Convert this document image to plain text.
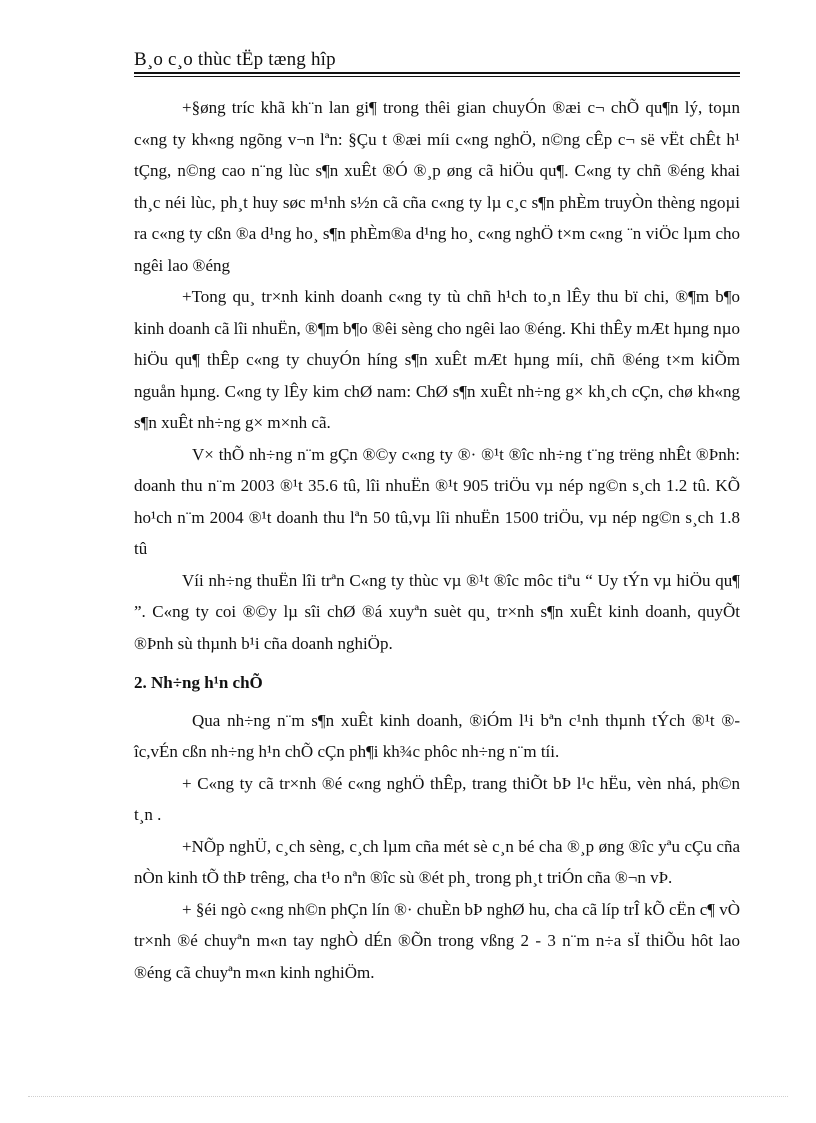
B¸o c¸o thùc tËp tæng hîp

+§øng tríc khã kh¨n lan gi¶ trong thêi gian chuyÓn ®æi c¬ chÕ qu¶n lý, toµn c«ng ty kh«ng ngõng v¬n lªn: §Çu t ®æi míi c«ng nghÖ, n©ng cÊp c¬ së vËt chÊt h¹ tÇng, n©ng cao n¨ng lùc s¶n xuÊt ®Ó ®¸p øng cã hiÖu qu¶. C«ng ty chñ ®éng khai th¸c néi lùc, ph¸t huy søc m¹nh s½n cã cña c«ng ty lµ c¸c s¶n phÈm truyÒn thèng ngoµi ra c«ng ty cßn ®a d¹ng ho¸ s¶n phÈm®a d¹ng ho¸ c«ng nghÖ t×m c«ng ¨n viÖc lµm cho ngêi lao ®éng

+Tong qu¸ tr×nh kinh doanh c«ng ty tù chñ h¹ch to¸n lÊy thu bï chi, ®¶m b¶o kinh doanh cã lîi nhuËn, ®¶m b¶o ®êi sèng cho ngêi lao ®éng. Khi thÊy mÆt hµng nµo hiÖu qu¶ thÊp c«ng ty chuyÓn híng s¶n xuÊt mÆt hµng míi, chñ ®éng t×m kiÕm nguån hµng. C«ng ty lÊy kim chØ nam: ChØ s¶n xuÊt nh÷ng g× kh¸ch cÇn, chø kh«ng s¶n xuÊt nh÷ng g× m×nh cã.

V× thÕ nh÷ng n¨m gÇn ®©y c«ng ty ®· ®¹t ®îc nh÷ng t¨ng trëng nhÊt ®Þnh: doanh thu n¨m 2003 ®¹t 35.6 tû, lîi nhuËn ®¹t 905 triÖu vµ nép ng©n s¸ch 1.2 tû. KÕ ho¹ch n¨m 2004 ®¹t doanh thu lªn 50 tû,vµ lîi nhuËn 1500 triÖu, vµ nép ng©n s¸ch 1.8 tû

Víi nh÷ng thuËn lîi trªn C«ng ty thùc vµ ®¹t ®îc môc tiªu “ Uy tÝn vµ hiÖu qu¶ ”. C«ng ty coi ®©y lµ sîi chØ ®á xuyªn suèt qu¸ tr×nh s¶n xuÊt kinh doanh, quyÕt ®Þnh sù thµnh b¹i cña doanh nghiÖp.

2. Nh÷ng h¹n chÕ

Qua nh÷ng n¨m s¶n xuÊt kinh doanh, ®iÓm l¹i bªn c¹nh thµnh tÝch ®¹t ®îc,vÉn cßn nh÷ng h¹n chÕ cÇn ph¶i kh¾c phôc nh÷ng n¨m tíi.

+ C«ng ty cã tr×nh ®é c«ng nghÖ thÊp, trang thiÕt bÞ l¹c hËu, vèn nhá, ph©n t¸n .

+NÕp nghÜ, c¸ch sèng, c¸ch lµm cña mét sè c¸n bé cha ®¸p øng ®îc yªu cÇu cña nÒn kinh tÕ thÞ trêng, cha t¹o nªn ®îc sù ®ét ph¸ trong ph¸t triÓn cña ®¬n vÞ.

+ §éi ngò c«ng nh©n phÇn lín ®· chuÈn bÞ nghØ hu, cha cã líp trÎ kÕ cËn c¶ vÒ tr×nh ®é chuyªn m«n tay nghÒ dÉn ®Õn trong vßng 2 - 3 n¨m n÷a sÏ thiÕu hôt lao ®éng cã chuyªn m«n kinh nghiÖm.
